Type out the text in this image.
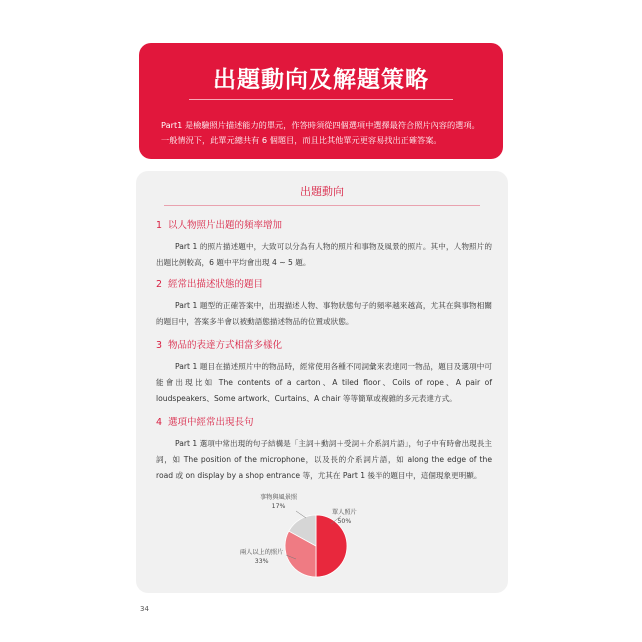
出題動向及解題策略
Part1 是檢驗照片描述能力的單元，作答時須從四個選項中選擇最符合照片內容的選項。一般情況下，此單元總共有 6 個題目，而且比其他單元更容易找出正確答案。
出題動向
1 以人物照片出題的頻率增加
Part 1 的照片描述題中，大致可以分為有人物的照片和事物及風景的照片。其中，人物照片的出題比例較高，6 題中平均會出現 4 ~ 5 題。
2 經常出描述狀態的題目
Part 1 題型的正確答案中，出現描述人物、事物狀態句子的頻率越來越高，尤其在與事物相關的題目中，答案多半會以被動語態描述物品的位置或狀態。
3 物品的表達方式相當多樣化
Part 1 題目在描述照片中的物品時，經常使用各種不同詞彙來表達同一物品，題目及選項中可能會出現比如 The contents of a carton、A tiled floor、Coils of rope、A pair of loudspeakers、Some artwork、Curtains、A chair 等等簡單或複雜的多元表達方式。
4 選項中經常出現長句
Part 1 選項中常出現的句子結構是「主詞＋動詞＋受詞＋介系詞片語」，句子中有時會出現長主詞，如 The position of the microphone，以及長的介系詞片語，如 along the edge of the road 或 on display by a shop entrance 等，尤其在 Part 1 後半的題目中，這個現象更明顯。
單人照片
50%
兩人以上的照片
33%
事物與風景照
17%
34
